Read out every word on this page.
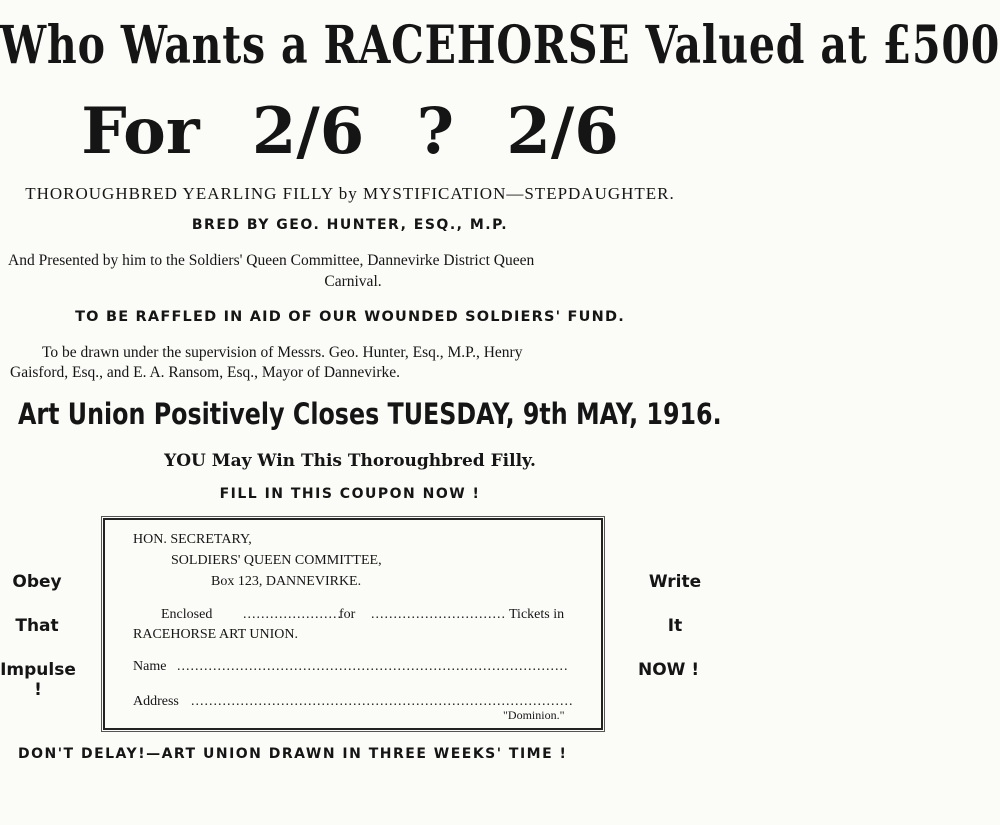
Who Wants a RACEHORSE Valued at £500
For 2/6 ? 2/6
THOROUGHBRED YEARLING FILLY by MYSTIFICATION—STEPDAUGHTER.
BRED BY GEO. HUNTER, ESQ., M.P.
And Presented by him to the Soldiers' Queen Committee, Dannevirke District Queen
Carnival.
TO BE RAFFLED IN AID OF OUR WOUNDED SOLDIERS' FUND.
To be drawn under the supervision of Messrs. Geo. Hunter, Esq., M.P., Henry
Gaisford, Esq., and E. A. Ransom, Esq., Mayor of Dannevirke.
Art Union Positively Closes TUESDAY, 9th MAY, 1916.
YOU May Win This Thoroughbred Filly.
FILL IN THIS COUPON NOW !
Obey
That
Impulse !
Write
It
NOW !
HON. SECRETARY,
SOLDIERS' QUEEN COMMITTEE,
Box 123, DANNEVIRKE.
Enclosed ......................
for .............................. Tickets in
RACEHORSE ART UNION.
Name .......................................................................................
Address .....................................................................................
"Dominion."
DON'T DELAY!—ART UNION DRAWN IN THREE WEEKS' TIME !
